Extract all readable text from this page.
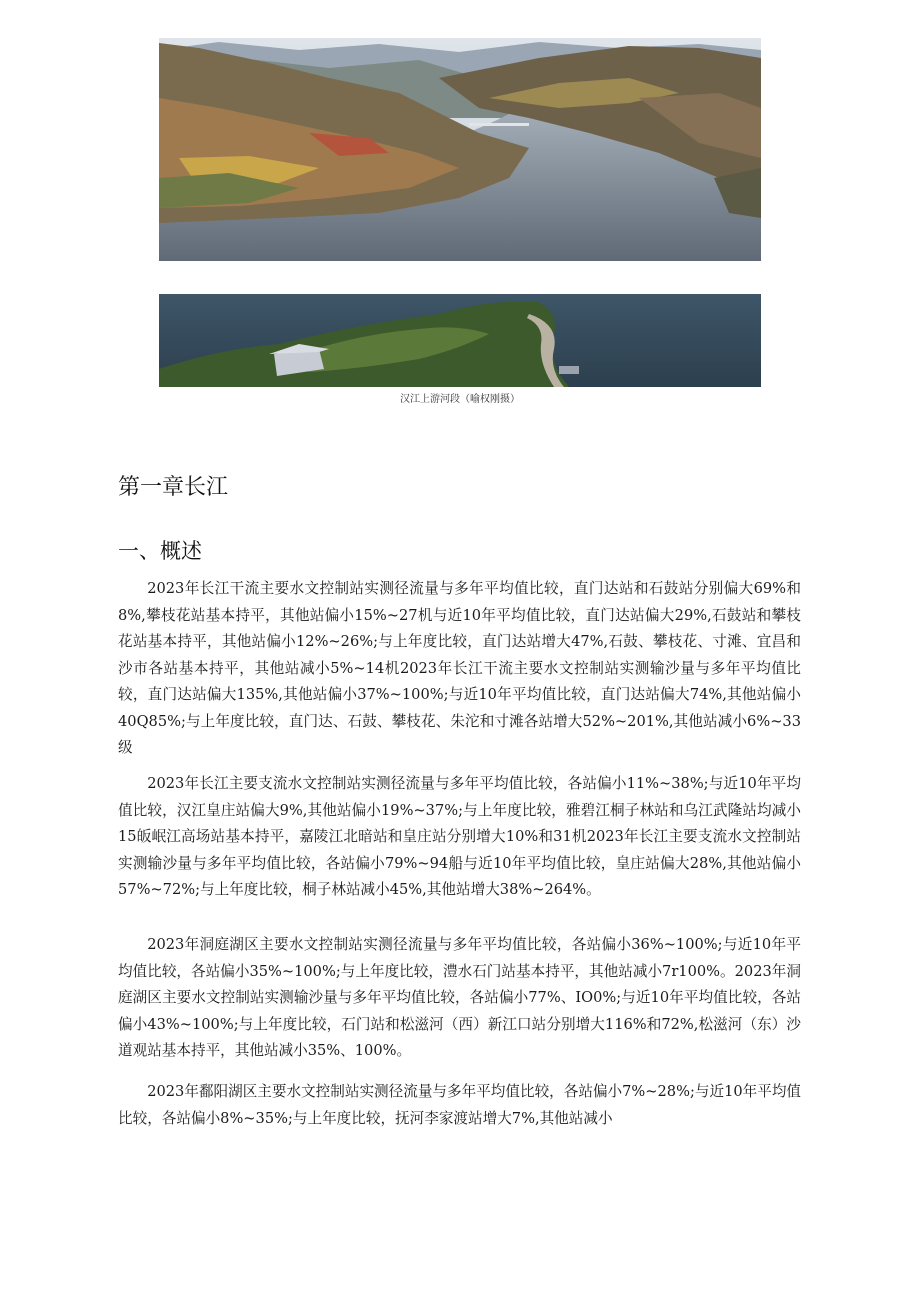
汉江上游河段（喻权刚摄）
第一章长江
一、概述

2023年长江干流主要水文控制站实测径流量与多年平均值比较，直门达站和石鼓站分别偏大69%和8%,攀枝花站基本持平，其他站偏小15%~27机与近10年平均值比较，直门达站偏大29%,石鼓站和攀枝花站基本持平，其他站偏小12%~26%;与上年度比较，直门达站增大47%,石鼓、攀枝花、寸滩、宜昌和沙市各站基本持平，其他站减小5%~14机2023年长江干流主要水文控制站实测输沙量与多年平均值比较，直门达站偏大135%,其他站偏小37%~100%;与近10年平均值比较，直门达站偏大74%,其他站偏小40Q85%;与上年度比较，直门达、石鼓、攀枝花、朱沱和寸滩各站增大52%~201%,其他站减小6%~33级

2023年长江主要支流水文控制站实测径流量与多年平均值比较，各站偏小11%~38%;与近10年平均值比较，汉江皇庄站偏大9%,其他站偏小19%~37%;与上年度比较，雅碧江桐子林站和乌江武隆站均减小15皈岷江高场站基本持平，嘉陵江北暗站和皇庄站分别增大10%和31机2023年长江主要支流水文控制站实测输沙量与多年平均值比较，各站偏小79%~94船与近10年平均值比较，皇庄站偏大28%,其他站偏小57%~72%;与上年度比较，桐子林站减小45%,其他站增大38%~264%。

2023年洞庭湖区主要水文控制站实测径流量与多年平均值比较，各站偏小36%~100%;与近10年平均值比较，各站偏小35%~100%;与上年度比较，澧水石门站基本持平，其他站减小7r100%。2023年洞庭湖区主要水文控制站实测输沙量与多年平均值比较，各站偏小77%、IO0%;与近10年平均值比较，各站偏小43%~100%;与上年度比较，石门站和松滋河（西）新江口站分别增大116%和72%,松滋河（东）沙道观站基本持平，其他站减小35%、100%。

2023年鄱阳湖区主要水文控制站实测径流量与多年平均值比较，各站偏小7%~28%;与近10年平均值比较，各站偏小8%~35%;与上年度比较，抚河李家渡站增大7%,其他站减小
